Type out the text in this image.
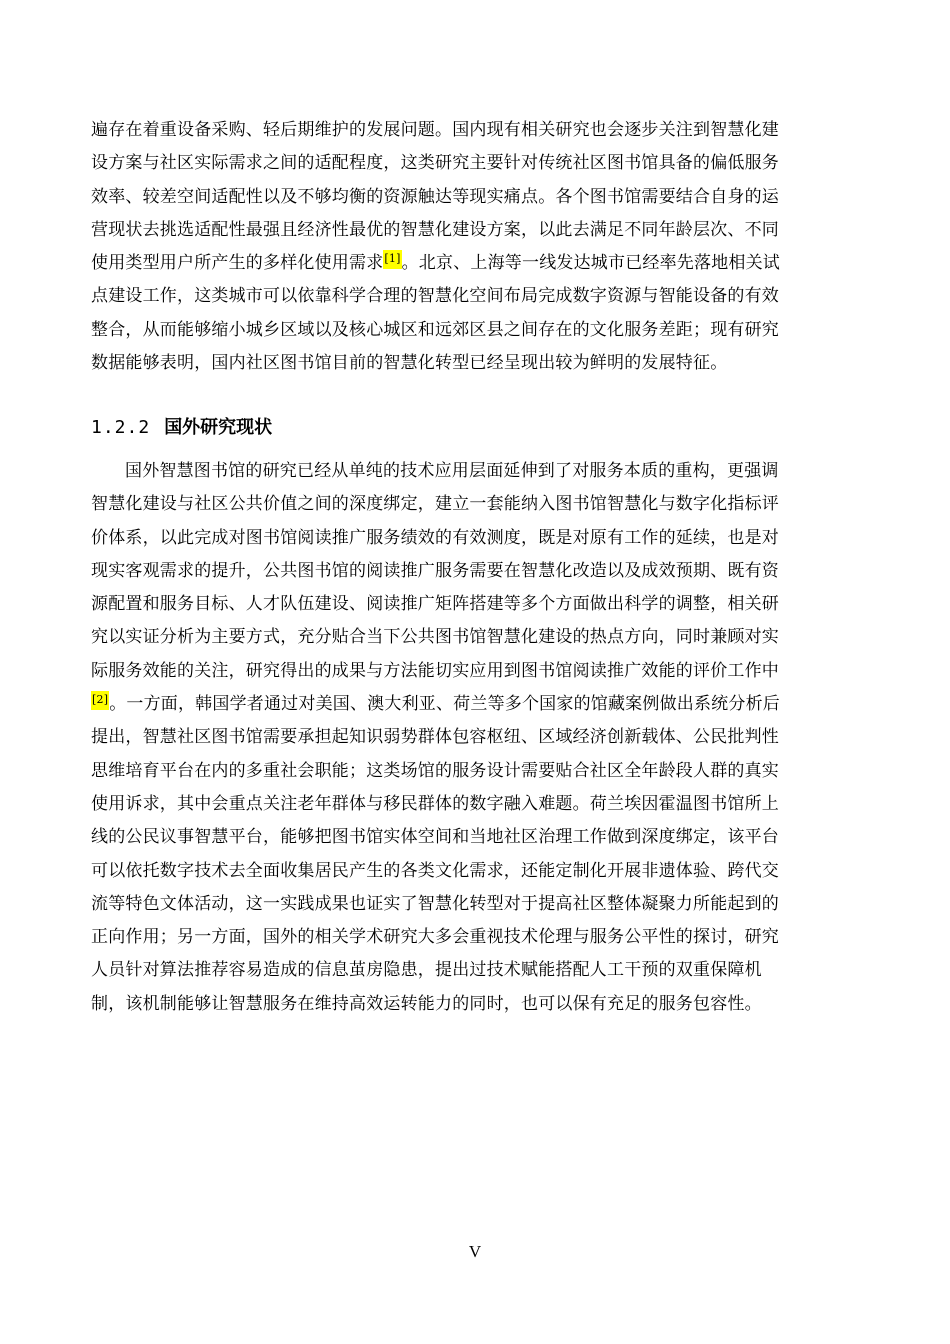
遍存在着重设备采购、轻后期维护的发展问题。国内现有相关研究也会逐步关注到智慧化建
设方案与社区实际需求之间的适配程度，这类研究主要针对传统社区图书馆具备的偏低服务
效率、较差空间适配性以及不够均衡的资源触达等现实痛点。各个图书馆需要结合自身的运
营现状去挑选适配性最强且经济性最优的智慧化建设方案，以此去满足不同年龄层次、不同
使用类型用户所产生的多样化使用需求[1]。北京、上海等一线发达城市已经率先落地相关试
点建设工作，这类城市可以依靠科学合理的智慧化空间布局完成数字资源与智能设备的有效
整合，从而能够缩小城乡区域以及核心城区和远郊区县之间存在的文化服务差距；现有研究
数据能够表明，国内社区图书馆目前的智慧化转型已经呈现出较为鲜明的发展特征。
1.2.2 国外研究现状
国外智慧图书馆的研究已经从单纯的技术应用层面延伸到了对服务本质的重构，更强调
智慧化建设与社区公共价值之间的深度绑定，建立一套能纳入图书馆智慧化与数字化指标评
价体系，以此完成对图书馆阅读推广服务绩效的有效测度，既是对原有工作的延续，也是对
现实客观需求的提升，公共图书馆的阅读推广服务需要在智慧化改造以及成效预期、既有资
源配置和服务目标、人才队伍建设、阅读推广矩阵搭建等多个方面做出科学的调整，相关研
究以实证分析为主要方式，充分贴合当下公共图书馆智慧化建设的热点方向，同时兼顾对实
际服务效能的关注，研究得出的成果与方法能切实应用到图书馆阅读推广效能的评价工作中
[2]。一方面，韩国学者通过对美国、澳大利亚、荷兰等多个国家的馆藏案例做出系统分析后
提出，智慧社区图书馆需要承担起知识弱势群体包容枢纽、区域经济创新载体、公民批判性
思维培育平台在内的多重社会职能；这类场馆的服务设计需要贴合社区全年龄段人群的真实
使用诉求，其中会重点关注老年群体与移民群体的数字融入难题。荷兰埃因霍温图书馆所上
线的公民议事智慧平台，能够把图书馆实体空间和当地社区治理工作做到深度绑定，该平台
可以依托数字技术去全面收集居民产生的各类文化需求，还能定制化开展非遗体验、跨代交
流等特色文体活动，这一实践成果也证实了智慧化转型对于提高社区整体凝聚力所能起到的
正向作用；另一方面，国外的相关学术研究大多会重视技术伦理与服务公平性的探讨，研究
人员针对算法推荐容易造成的信息茧房隐患，提出过技术赋能搭配人工干预的双重保障机
制，该机制能够让智慧服务在维持高效运转能力的同时，也可以保有充足的服务包容性。
V
